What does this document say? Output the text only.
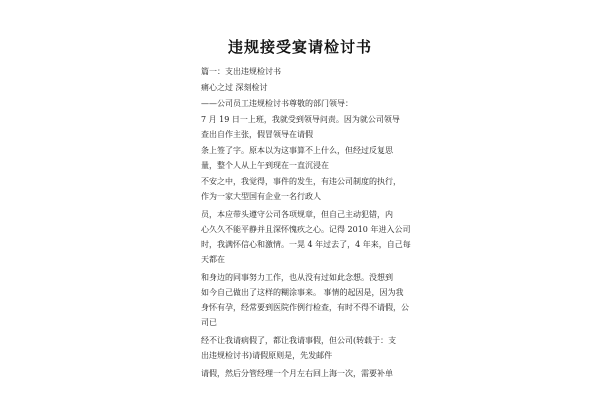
违规接受宴请检讨书
篇一：支出违规检讨书
痛心之过 深刻检讨
——公司员工违规检讨书尊敬的部门领导：
7 月 19 日一上班，我就受到领导问责。因为就公司领导
查出自作主张，假冒领导在请假
条上签了字。原本以为这事算不上什么，但经过反复思
量，整个人从上午到现在一直沉浸在
不安之中，我觉得，事件的发生，有违公司制度的执行，
作为一家大型国有企业一名行政人
员，本应带头遵守公司各项规章，但自己主动犯错，内
心久久不能平静并且深怀愧疚之心。记得 2010 年进入公司
时，我满怀信心和激情。一晃 4 年过去了，4 年来，自己每
天都在
和身边的同事努力工作，也从没有过如此念想。没想到
如今自己做出了这样的糊涂事来。 事情的起因是，因为我
身怀有孕，经常要到医院作例行检查，有时不得不请假，公
司已
经不让我请病假了，都让我请事假，但公司(转载于：支
出违规检讨书)请假原则是，先发邮件
请假，然后分管经理一个月左右回上海一次，需要补单
